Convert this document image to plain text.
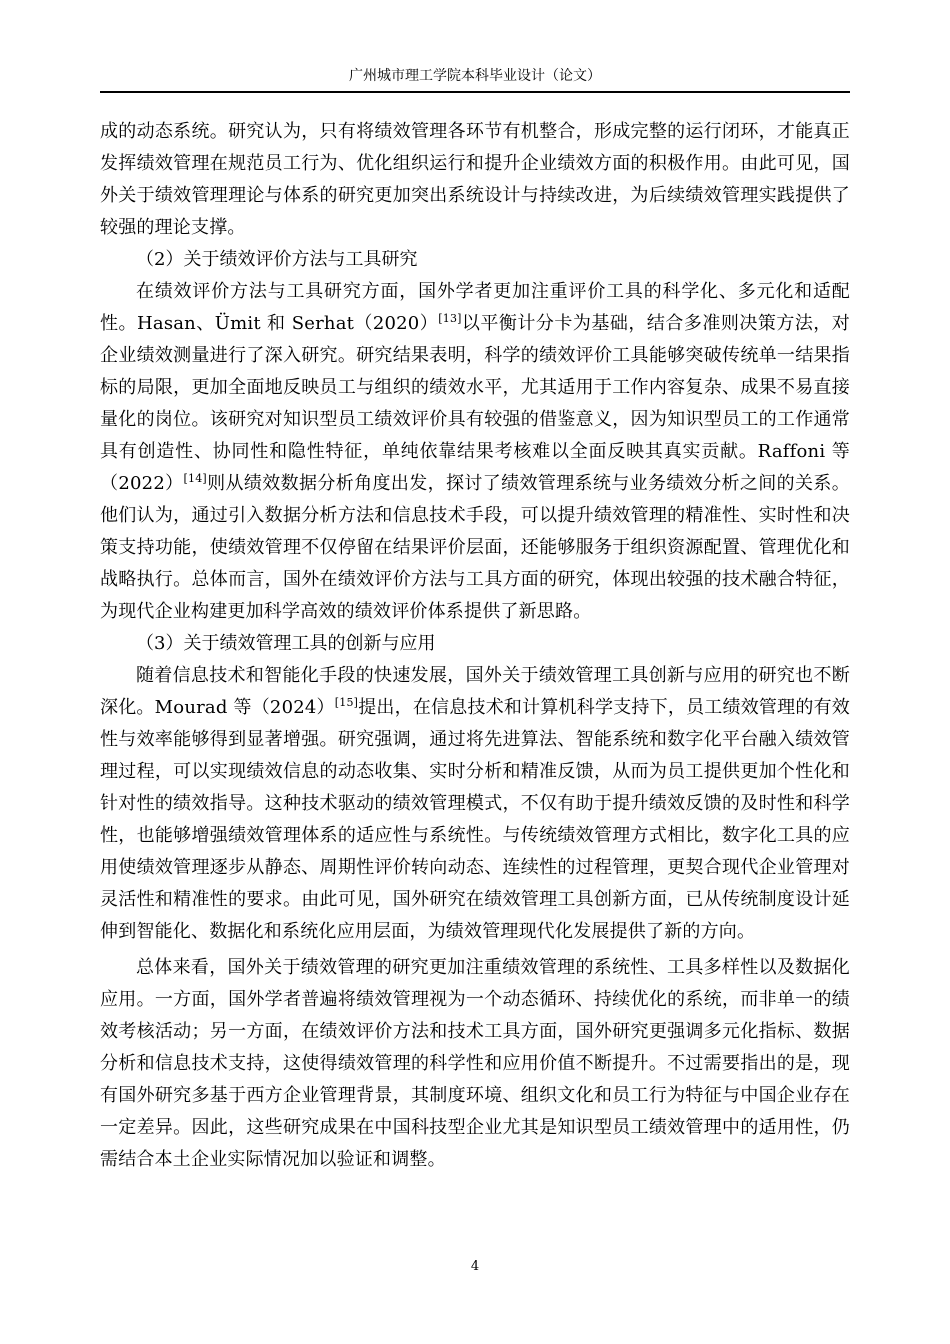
广州城市理工学院本科毕业设计（论文）

成的动态系统。研究认为，只有将绩效管理各环节有机整合，形成完整的运行闭环，才能真正发挥绩效管理在规范员工行为、优化组织运行和提升企业绩效方面的积极作用。由此可见，国外关于绩效管理理论与体系的研究更加突出系统设计与持续改进，为后续绩效管理实践提供了较强的理论支撑。

（2）关于绩效评价方法与工具研究

在绩效评价方法与工具研究方面，国外学者更加注重评价工具的科学化、多元化和适配性。Hasan、Ümit 和 Serhat（2020）[13]以平衡计分卡为基础，结合多准则决策方法，对企业绩效测量进行了深入研究。研究结果表明，科学的绩效评价工具能够突破传统单一结果指标的局限，更加全面地反映员工与组织的绩效水平，尤其适用于工作内容复杂、成果不易直接量化的岗位。该研究对知识型员工绩效评价具有较强的借鉴意义，因为知识型员工的工作通常具有创造性、协同性和隐性特征，单纯依靠结果考核难以全面反映其真实贡献。Raffoni 等（2022）[14]则从绩效数据分析角度出发，探讨了绩效管理系统与业务绩效分析之间的关系。他们认为，通过引入数据分析方法和信息技术手段，可以提升绩效管理的精准性、实时性和决策支持功能，使绩效管理不仅停留在结果评价层面，还能够服务于组织资源配置、管理优化和战略执行。总体而言，国外在绩效评价方法与工具方面的研究，体现出较强的技术融合特征，为现代企业构建更加科学高效的绩效评价体系提供了新思路。

（3）关于绩效管理工具的创新与应用

随着信息技术和智能化手段的快速发展，国外关于绩效管理工具创新与应用的研究也不断深化。Mourad 等（2024）[15]提出，在信息技术和计算机科学支持下，员工绩效管理的有效性与效率能够得到显著增强。研究强调，通过将先进算法、智能系统和数字化平台融入绩效管理过程，可以实现绩效信息的动态收集、实时分析和精准反馈，从而为员工提供更加个性化和针对性的绩效指导。这种技术驱动的绩效管理模式，不仅有助于提升绩效反馈的及时性和科学性，也能够增强绩效管理体系的适应性与系统性。与传统绩效管理方式相比，数字化工具的应用使绩效管理逐步从静态、周期性评价转向动态、连续性的过程管理，更契合现代企业管理对灵活性和精准性的要求。由此可见，国外研究在绩效管理工具创新方面，已从传统制度设计延伸到智能化、数据化和系统化应用层面，为绩效管理现代化发展提供了新的方向。

总体来看，国外关于绩效管理的研究更加注重绩效管理的系统性、工具多样性以及数据化应用。一方面，国外学者普遍将绩效管理视为一个动态循环、持续优化的系统，而非单一的绩效考核活动；另一方面，在绩效评价方法和技术工具方面，国外研究更强调多元化指标、数据分析和信息技术支持，这使得绩效管理的科学性和应用价值不断提升。不过需要指出的是，现有国外研究多基于西方企业管理背景，其制度环境、组织文化和员工行为特征与中国企业存在一定差异。因此，这些研究成果在中国科技型企业尤其是知识型员工绩效管理中的适用性，仍需结合本土企业实际情况加以验证和调整。

4
